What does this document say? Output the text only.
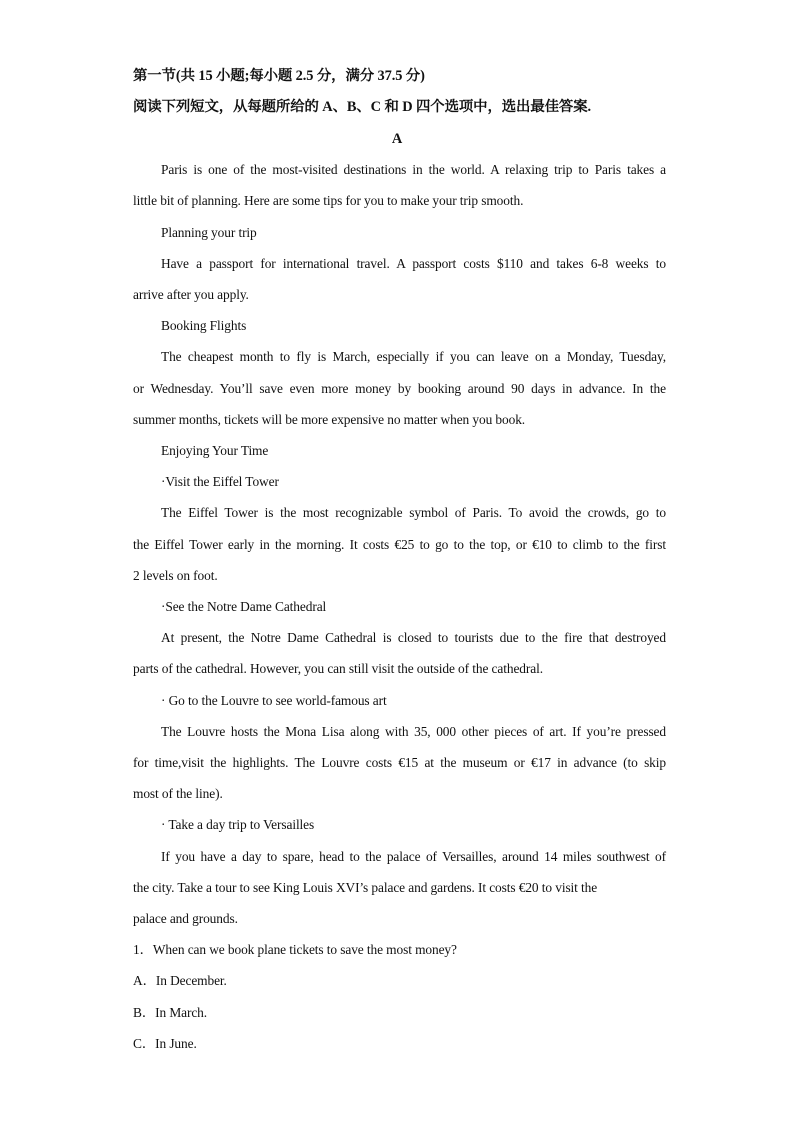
第一节(共 15 小题;每小题 2.5 分，满分 37.5 分)
阅读下列短文，从每题所给的 A、B、C 和 D 四个选项中，选出最佳答案.
A
Paris is one of the most-visited destinations in the world. A relaxing trip to Paris takes a
little bit of planning. Here are some tips for you to make your trip smooth.
Planning your trip
Have a passport for international travel. A passport costs $110 and takes 6-8 weeks to
arrive after you apply.
Booking Flights
The cheapest month to fly is March, especially if you can leave on a Monday, Tuesday,
or Wednesday. You’ll save even more money by booking around 90 days in advance. In the
summer months, tickets will be more expensive no matter when you book.
Enjoying Your Time
·Visit the Eiffel Tower
The Eiffel Tower is the most recognizable symbol of Paris. To avoid the crowds, go to
the Eiffel Tower early in the morning. It costs €25 to go to the top, or €10 to climb to the first
2 levels on foot.
·See the Notre Dame Cathedral
At present, the Notre Dame Cathedral is closed to tourists due to the fire that destroyed
parts of the cathedral. However, you can still visit the outside of the cathedral.
· Go to the Louvre to see world-famous art
The Louvre hosts the Mona Lisa along with 35, 000 other pieces of art. If you’re pressed
for time,visit the highlights. The Louvre costs €15 at the museum or €17 in advance (to skip
most of the line).
· Take a day trip to Versailles
If you have a day to spare, head to the palace of Versailles, around 14 miles southwest of
the city. Take a tour to see King Louis XVI’s palace and gardens. It costs €20 to visit the
palace and grounds.
1．When can we book plane tickets to save the most money?
A．In December.
B．In March.
C．In June.
